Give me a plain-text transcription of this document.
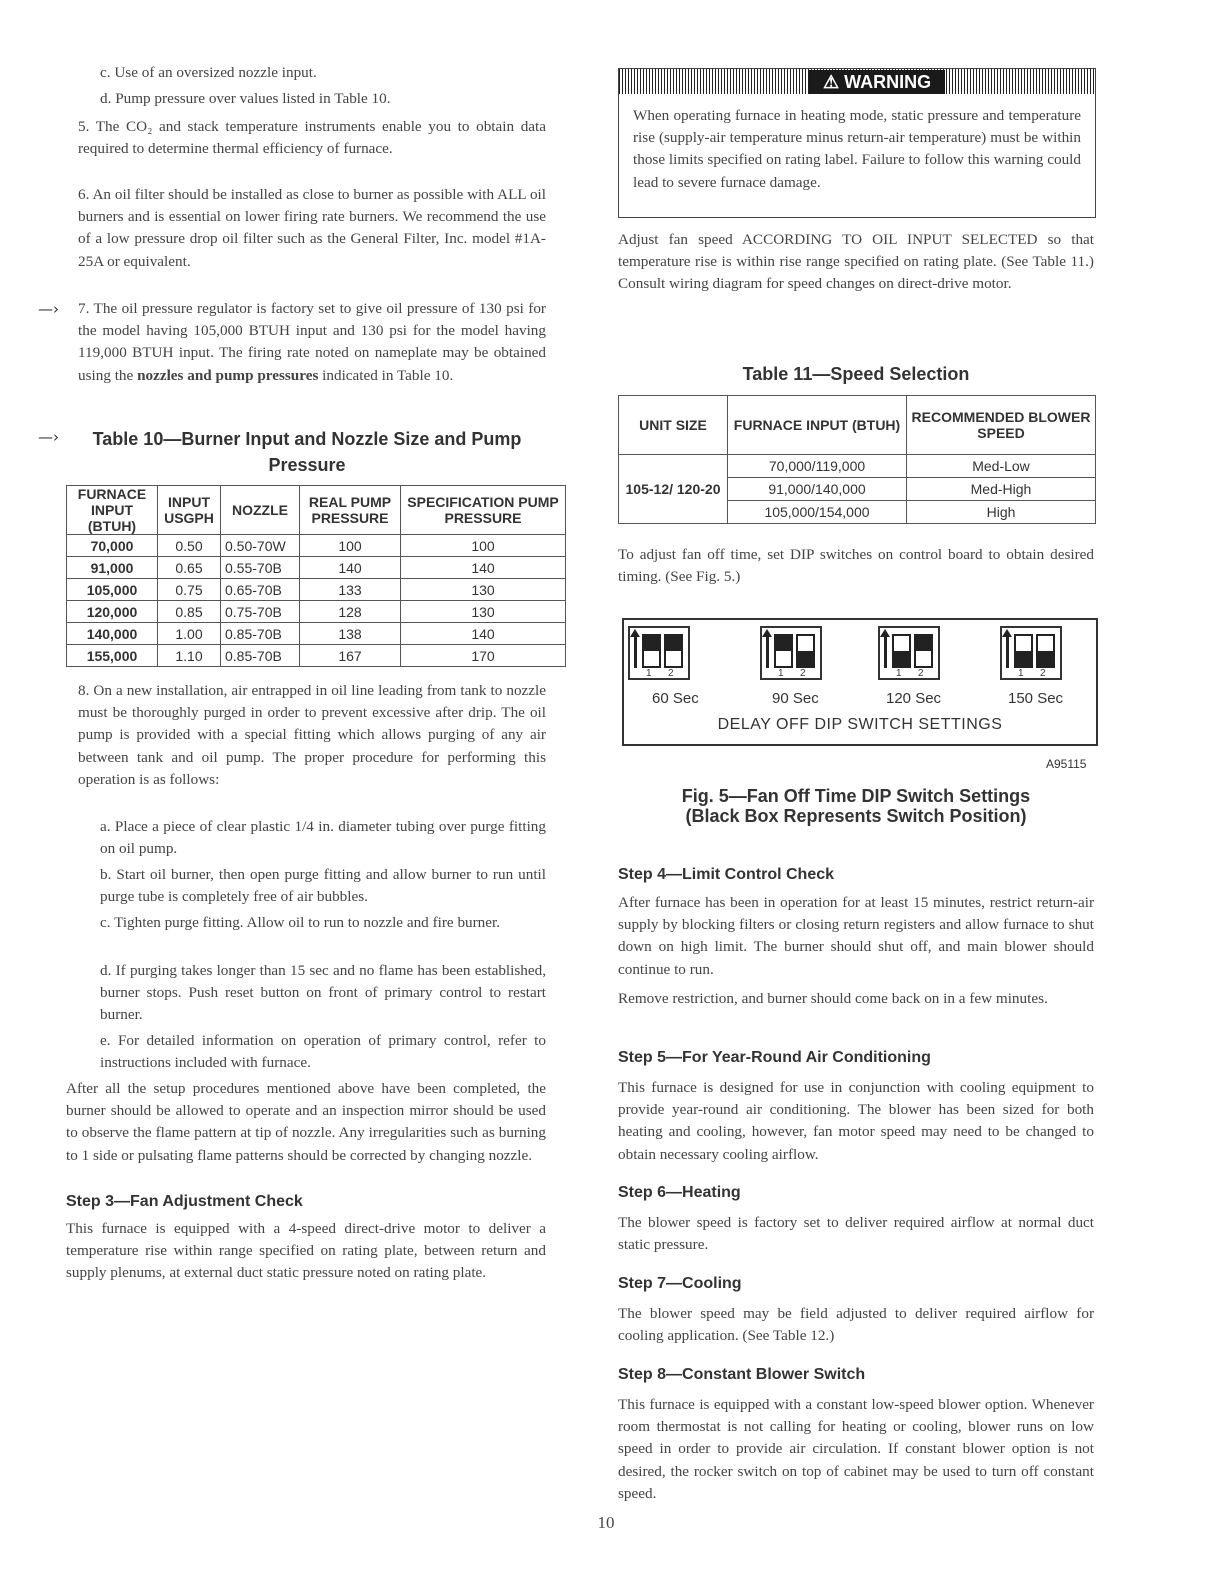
c. Use of an oversized nozzle input.
d. Pump pressure over values listed in Table 10.
5. The CO₂ and stack temperature instruments enable you to obtain data required to determine thermal efficiency of furnace.
6. An oil filter should be installed as close to burner as possible with ALL oil burners and is essential on lower firing rate burners. We recommend the use of a low pressure drop oil filter such as the General Filter, Inc. model #1A-25A or equivalent.
—› 7. The oil pressure regulator is factory set to give oil pressure of 130 psi for the model having 105,000 BTUH input and 130 psi for the model having 119,000 BTUH input. The firing rate noted on nameplate may be obtained using the nozzles and pump pressures indicated in Table 10.
—›	Table 10—Burner Input and Nozzle Size and Pump Pressure
FURNACE INPUT (BTUH)	INPUT USGPH	NOZZLE	REAL PUMP PRESSURE	SPECIFICATION PUMP PRESSURE
70,000	0.50	0.50-70W	100	100
91,000	0.65	0.55-70B	140	140
105,000	0.75	0.65-70B	133	130
120,000	0.85	0.75-70B	128	130
140,000	1.00	0.85-70B	138	140
155,000	1.10	0.85-70B	167	170
8. On a new installation, air entrapped in oil line leading from tank to nozzle must be thoroughly purged in order to prevent excessive after drip. The oil pump is provided with a special fitting which allows purging of any air between tank and oil pump. The proper procedure for performing this operation is as follows:
a. Place a piece of clear plastic 1/4 in. diameter tubing over purge fitting on oil pump.
b. Start oil burner, then open purge fitting and allow burner to run until purge tube is completely free of air bubbles.
c. Tighten purge fitting. Allow oil to run to nozzle and fire burner.
d. If purging takes longer than 15 sec and no flame has been established, burner stops. Push reset button on front of primary control to restart burner.
e. For detailed information on operation of primary control, refer to instructions included with furnace.
After all the setup procedures mentioned above have been completed, the burner should be allowed to operate and an inspection mirror should be used to observe the flame pattern at tip of nozzle. Any irregularities such as burning to 1 side or pulsating flame patterns should be corrected by changing nozzle.
Step 3—Fan Adjustment Check
This furnace is equipped with a 4-speed direct-drive motor to deliver a temperature rise within range specified on rating plate, between return and supply plenums, at external duct static pressure noted on rating plate.
⚠ WARNING
When operating furnace in heating mode, static pressure and temperature rise (supply-air temperature minus return-air temperature) must be within those limits specified on rating label. Failure to follow this warning could lead to severe furnace damage.
Adjust fan speed ACCORDING TO OIL INPUT SELECTED so that temperature rise is within rise range specified on rating plate. (See Table 11.) Consult wiring diagram for speed changes on direct-drive motor.
Table 11—Speed Selection
UNIT SIZE	FURNACE INPUT (BTUH)	RECOMMENDED BLOWER SPEED
105-12/ 120-20	70,000/119,000	Med-Low
	91,000/140,000	Med-High
	105,000/154,000	High
To adjust fan off time, set DIP switches on control board to obtain desired timing. (See Fig. 5.)
1 2	1 2	1 2	1 2
60 Sec	90 Sec	120 Sec	150 Sec
DELAY OFF DIP SWITCH SETTINGS
A95115
Fig. 5—Fan Off Time DIP Switch Settings
(Black Box Represents Switch Position)
Step 4—Limit Control Check
After furnace has been in operation for at least 15 minutes, restrict return-air supply by blocking filters or closing return registers and allow furnace to shut down on high limit. The burner should shut off, and main blower should continue to run.
Remove restriction, and burner should come back on in a few minutes.
Step 5—For Year-Round Air Conditioning
This furnace is designed for use in conjunction with cooling equipment to provide year-round air conditioning. The blower has been sized for both heating and cooling, however, fan motor speed may need to be changed to obtain necessary cooling airflow.
Step 6—Heating
The blower speed is factory set to deliver required airflow at normal duct static pressure.
Step 7—Cooling
The blower speed may be field adjusted to deliver required airflow for cooling application. (See Table 12.)
Step 8—Constant Blower Switch
This furnace is equipped with a constant low-speed blower option. Whenever room thermostat is not calling for heating or cooling, blower runs on low speed in order to provide air circulation. If constant blower option is not desired, the rocker switch on top of cabinet may be used to turn off constant speed.
10
